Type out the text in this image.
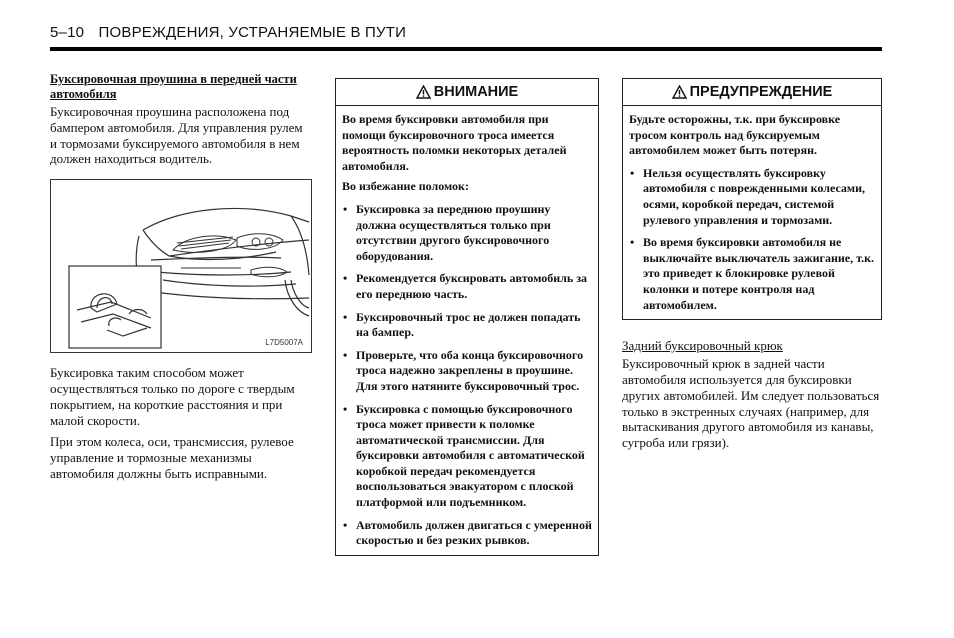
5–10 ПОВРЕЖДЕНИЯ, УСТРАНЯЕМЫЕ В ПУТИ

Буксировочная проушина в передней части автомобиля

Буксировочная проушина расположена под бампером автомобиля. Для управления рулем и тормозами буксируемого автомобиля в нем должен находиться водитель.

L7D5007A

Буксировка таким способом может осуществляться только по дороге с твердым покрытием, на короткие расстояния и при малой скорости.

При этом колеса, оси, трансмиссия, рулевое управление и тормозные механизмы автомобиля должны быть исправными.

ВНИМАНИЕ

Во время буксировки автомобиля при помощи буксировочного троса имеется вероятность поломки некоторых деталей автомобиля.

Во избежание поломок:

• Буксировка за переднюю проушину должна осуществляться только при отсутствии другого буксировочного оборудования.
• Рекомендуется буксировать автомобиль за его переднюю часть.
• Буксировочный трос не должен попадать на бампер.
• Проверьте, что оба конца буксировочного троса надежно закреплены в проушине. Для этого натяните буксировочный трос.
• Буксировка с помощью буксировочного троса может привести к поломке автоматической трансмиссии. Для буксировки автомобиля с автоматической коробкой передач рекомендуется воспользоваться эвакуатором с плоской платформой или подъемником.
• Автомобиль должен двигаться с умеренной скоростью и без резких рывков.
ПРЕДУПРЕЖДЕНИЕ

Будьте осторожны, т.к. при буксировке тросом контроль над буксируемым автомобилем может быть потерян.

• Нельзя осуществлять буксировку автомобиля с поврежденными колесами, осями, коробкой передач, системой рулевого управления и тормозами.
• Во время буксировки автомобиля не выключайте выключатель зажигание, т.к. это приведет к блокировке рулевой колонки и потере контроля над автомобилем.

Задний буксировочный крюк

Буксировочный крюк в задней части автомобиля используется для буксировки других автомобилей. Им следует пользоваться только в экстренных случаях (например, для вытаскивания другого автомобиля из канавы, сугроба или грязи).
